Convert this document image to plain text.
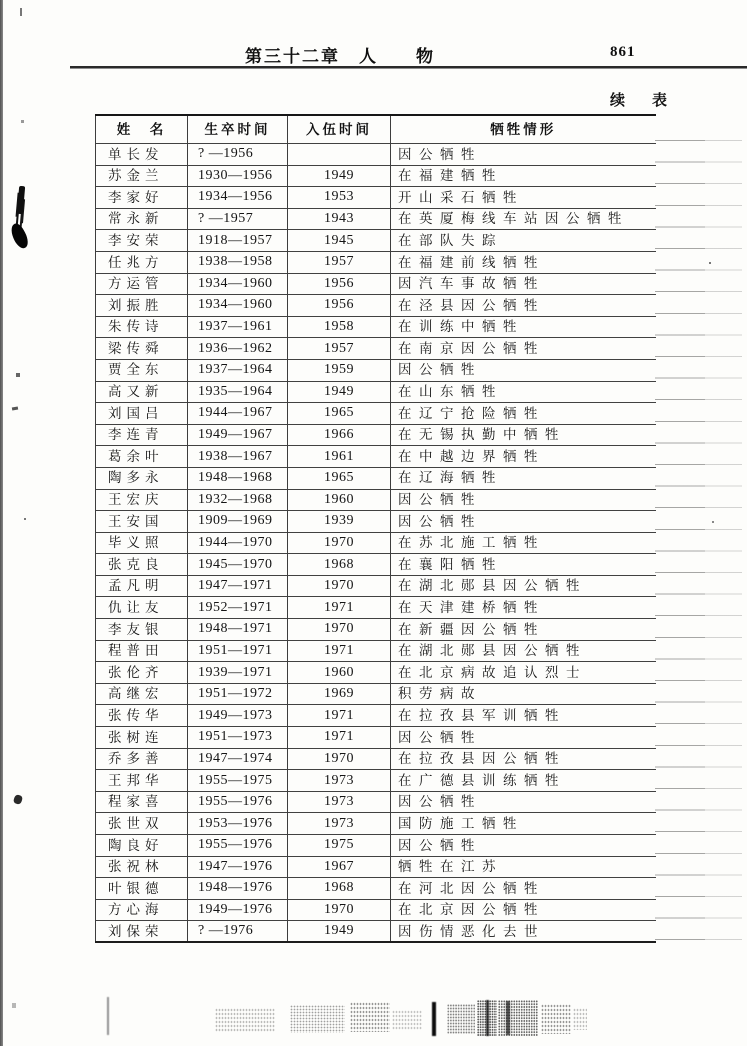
第三十二章　人　　物	861
续　表
姓　名	生卒时间	入伍时间	牺牲情形
单长发	? —1956		因公牺牲
苏金兰	1930—1956	1949	在福建牺牲
李家好	1934—1956	1953	开山采石牺牲
常永新	? —1957	1943	在英厦梅线车站因公牺牲
李安荣	1918—1957	1945	在部队失踪
任兆方	1938—1958	1957	在福建前线牺牲
方运管	1934—1960	1956	因汽车事故牺牲
刘振胜	1934—1960	1956	在泾县因公牺牲
朱传诗	1937—1961	1958	在训练中牺牲
梁传舜	1936—1962	1957	在南京因公牺牲
贾全东	1937—1964	1959	因公牺牲
高又新	1935—1964	1949	在山东牺牲
刘国吕	1944—1967	1965	在辽宁抢险牺牲
李连青	1949—1967	1966	在无锡执勤中牺牲
葛余叶	1938—1967	1961	在中越边界牺牲
陶多永	1948—1968	1965	在辽海牺牲
王宏庆	1932—1968	1960	因公牺牲
王安国	1909—1969	1939	因公牺牲
毕义照	1944—1970	1970	在苏北施工牺牲
张克良	1945—1970	1968	在襄阳牺牲
孟凡明	1947—1971	1970	在湖北郧县因公牺牲
仇让友	1952—1971	1971	在天津建桥牺牲
李友银	1948—1971	1970	在新疆因公牺牲
程普田	1951—1971	1971	在湖北郧县因公牺牲
张伦齐	1939—1971	1960	在北京病故追认烈士
高继宏	1951—1972	1969	积劳病故
张传华	1949—1973	1971	在拉孜县军训牺牲
张树连	1951—1973	1971	因公牺牲
乔多善	1947—1974	1970	在拉孜县因公牺牲
王邦华	1955—1975	1973	在广德县训练牺牲
程家喜	1955—1976	1973	因公牺牲
张世双	1953—1976	1973	国防施工牺牲
陶良好	1955—1976	1975	因公牺牲
张祝林	1947—1976	1967	牺牲在江苏
叶银德	1948—1976	1968	在河北因公牺牲
方心海	1949—1976	1970	在北京因公牺牲
刘保荣	? —1976	1949	因伤情恶化去世
